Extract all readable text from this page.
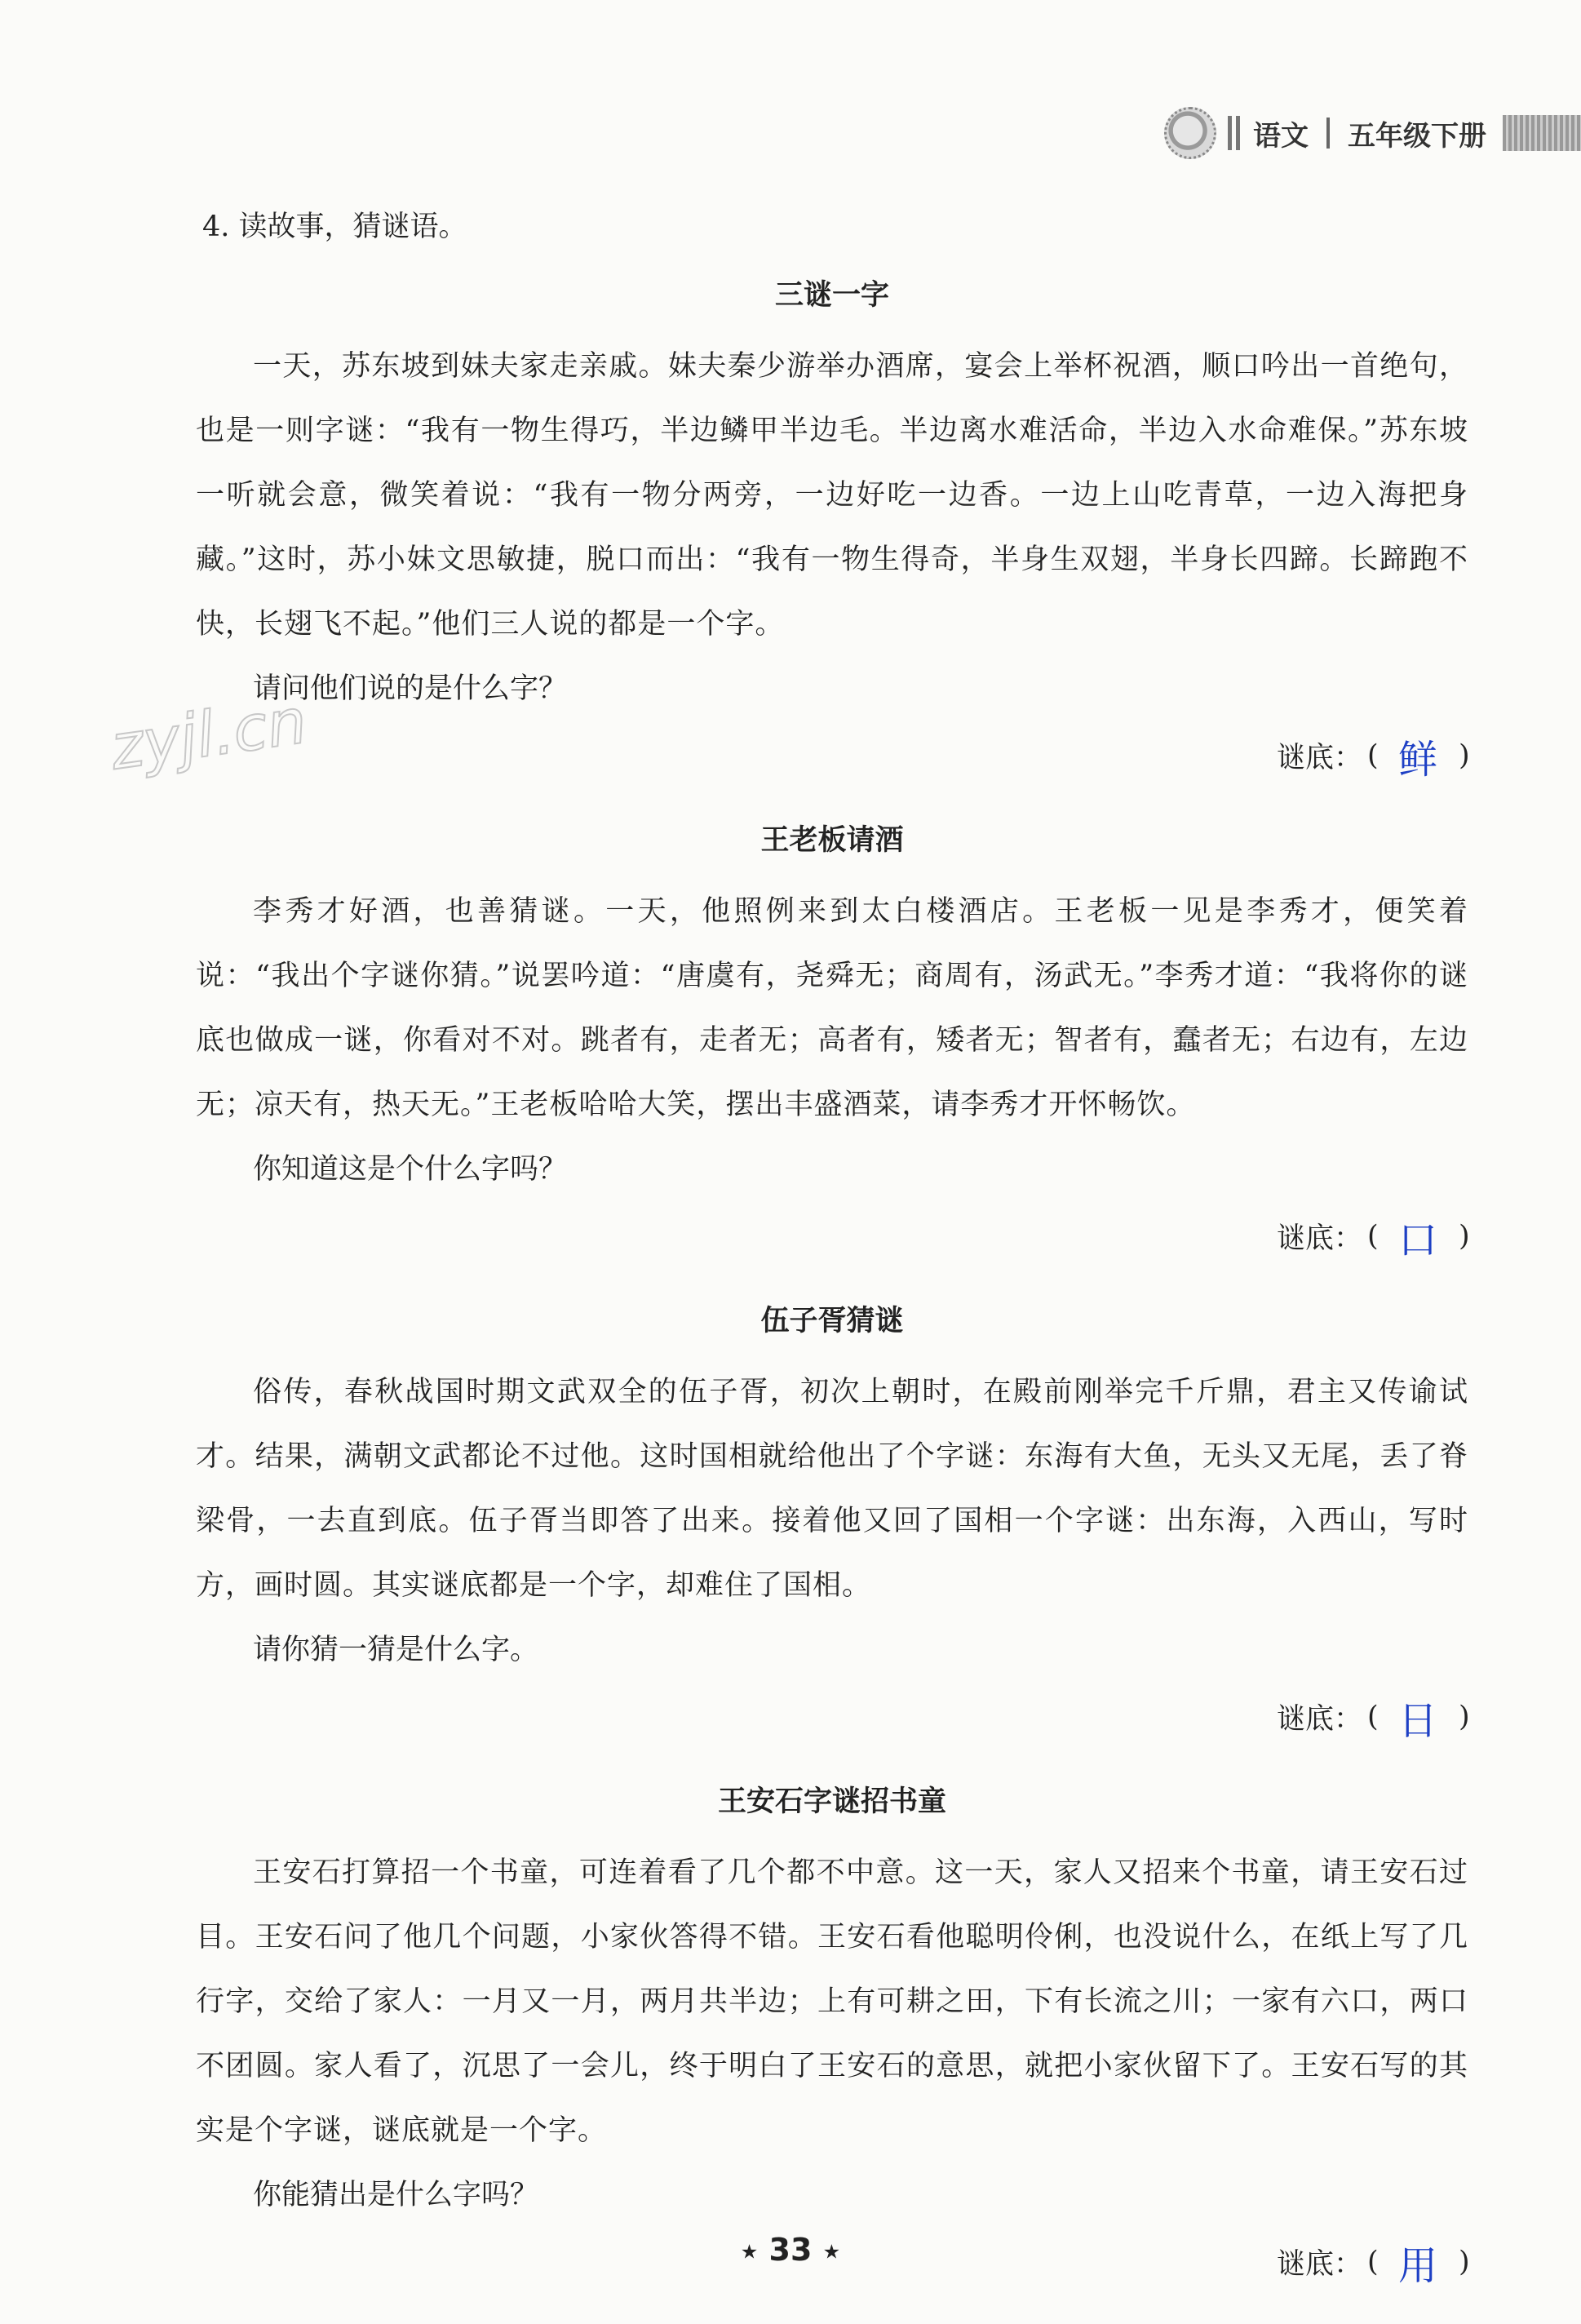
语文 五年级下册
zyjl.cn

4. 读故事，猜谜语。

三谜一字

一天，苏东坡到妹夫家走亲戚。妹夫秦少游举办酒席，宴会上举杯祝酒，顺口吟出一首绝句，也是一则字谜：“我有一物生得巧，半边鳞甲半边毛。半边离水难活命，半边入水命难保。”苏东坡一听就会意，微笑着说：“我有一物分两旁，一边好吃一边香。一边上山吃青草，一边入海把身藏。”这时，苏小妹文思敏捷，脱口而出：“我有一物生得奇，半身生双翅，半身长四蹄。长蹄跑不快，长翅飞不起。”他们三人说的都是一个字。

请问他们说的是什么字？

谜底： ( 鲜 )
王老板请酒

李秀才好酒，也善猜谜。一天，他照例来到太白楼酒店。王老板一见是李秀才，便笑着说：“我出个字谜你猜。”说罢吟道：“唐虞有，尧舜无；商周有，汤武无。”李秀才道：“我将你的谜底也做成一谜，你看对不对。跳者有，走者无；高者有，矮者无；智者有，蠢者无；右边有，左边无；凉天有，热天无。”王老板哈哈大笑，摆出丰盛酒菜，请李秀才开怀畅饮。

你知道这是个什么字吗？

谜底： ( 口 )
伍子胥猜谜

俗传，春秋战国时期文武双全的伍子胥，初次上朝时，在殿前刚举完千斤鼎，君主又传谕试才。结果，满朝文武都论不过他。这时国相就给他出了个字谜：东海有大鱼，无头又无尾，丢了脊梁骨，一去直到底。伍子胥当即答了出来。接着他又回了国相一个字谜：出东海，入西山，写时方，画时圆。其实谜底都是一个字，却难住了国相。

请你猜一猜是什么字。

谜底： ( 日 )
王安石字谜招书童

王安石打算招一个书童，可连着看了几个都不中意。这一天，家人又招来个书童，请王安石过目。王安石问了他几个问题，小家伙答得不错。王安石看他聪明伶俐，也没说什么，在纸上写了几行字，交给了家人：一月又一月，两月共半边；上有可耕之田，下有长流之川；一家有六口，两口不团圆。家人看了，沉思了一会儿，终于明白了王安石的意思，就把小家伙留下了。王安石写的其实是个字谜，谜底就是一个字。

你能猜出是什么字吗？

谜底： ( 用 )
★ 33 ★
